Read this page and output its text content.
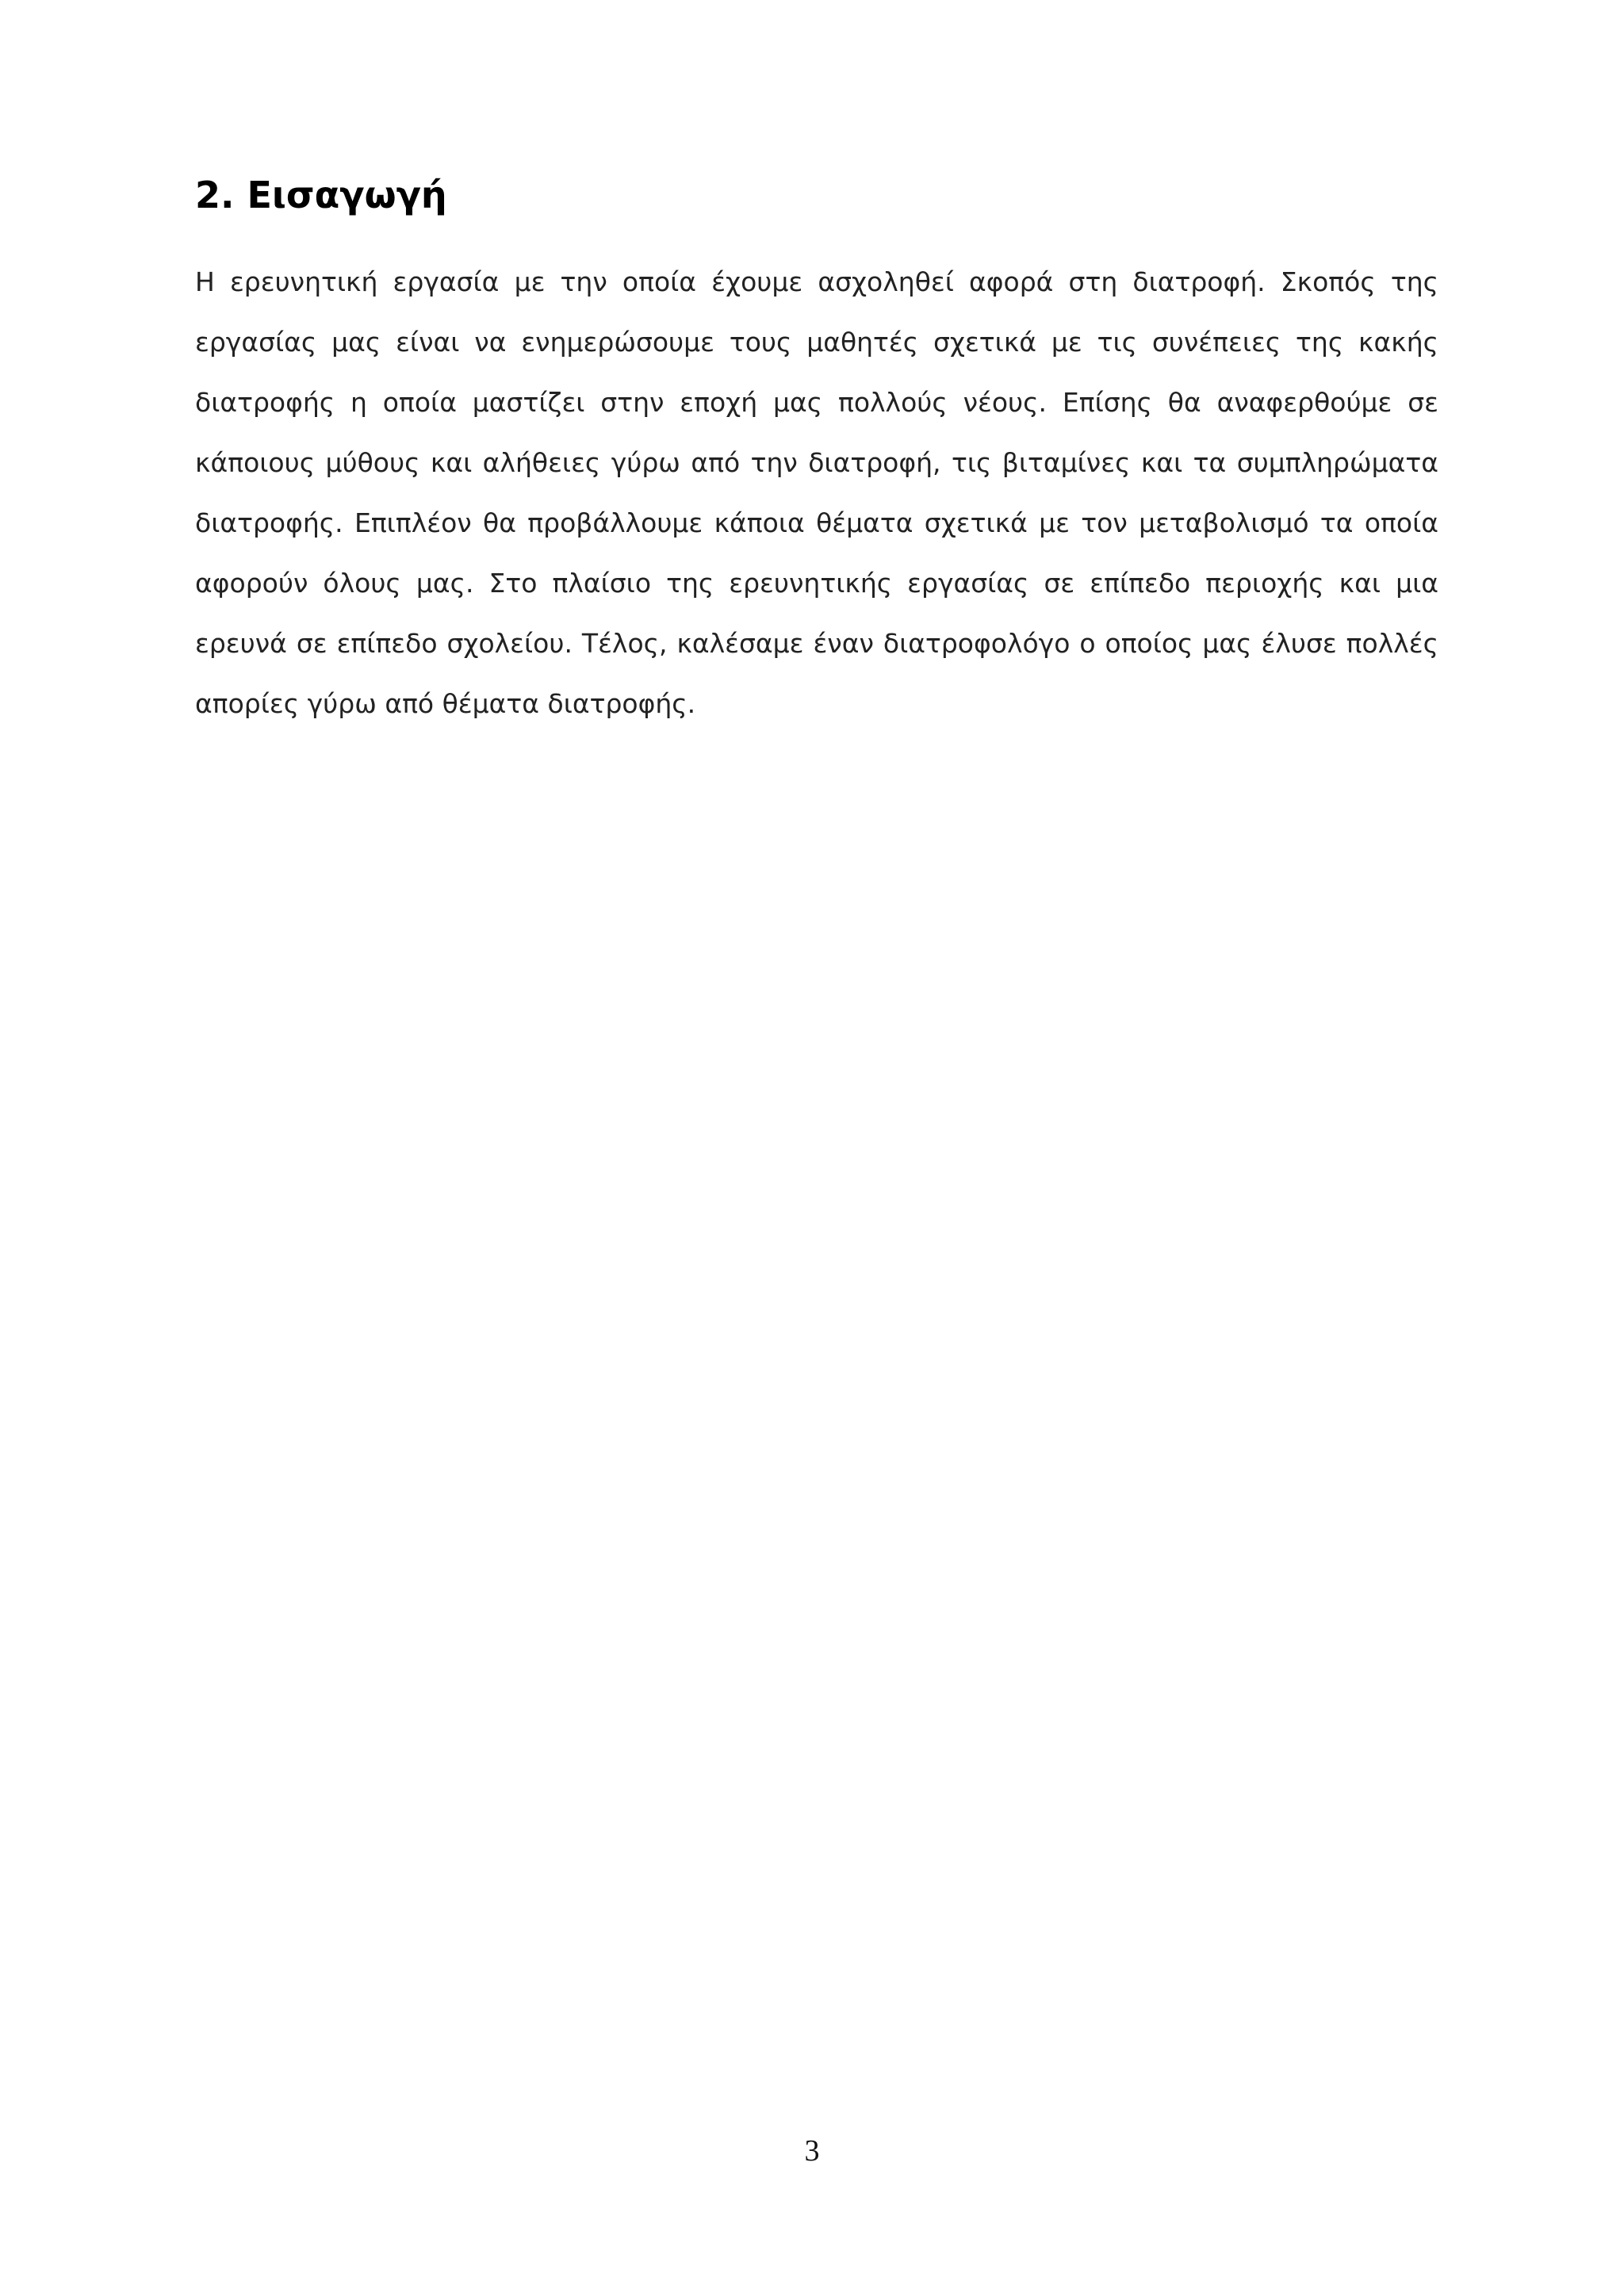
2. Εισαγωγή

Η ερευνητική εργασία με την οποία έχουμε ασχοληθεί αφορά στη διατροφή. Σκοπός της εργασίας μας είναι να ενημερώσουμε τους μαθητές σχετικά με τις συνέπειες της κακής διατροφής η οποία μαστίζει στην εποχή μας πολλούς νέους. Επίσης θα αναφερθούμε σε κάποιους μύθους και αλήθειες γύρω από την διατροφή, τις βιταμίνες και τα συμπληρώματα διατροφής. Επιπλέον θα προβάλλουμε κάποια θέματα σχετικά με τον μεταβολισμό τα οποία αφορούν όλους μας. Στο πλαίσιο της ερευνητικής εργασίας σε επίπεδο περιοχής και μια ερευνά σε επίπεδο σχολείου. Τέλος, καλέσαμε έναν διατροφολόγο ο οποίος μας έλυσε πολλές απορίες γύρω από θέματα διατροφής.

3
